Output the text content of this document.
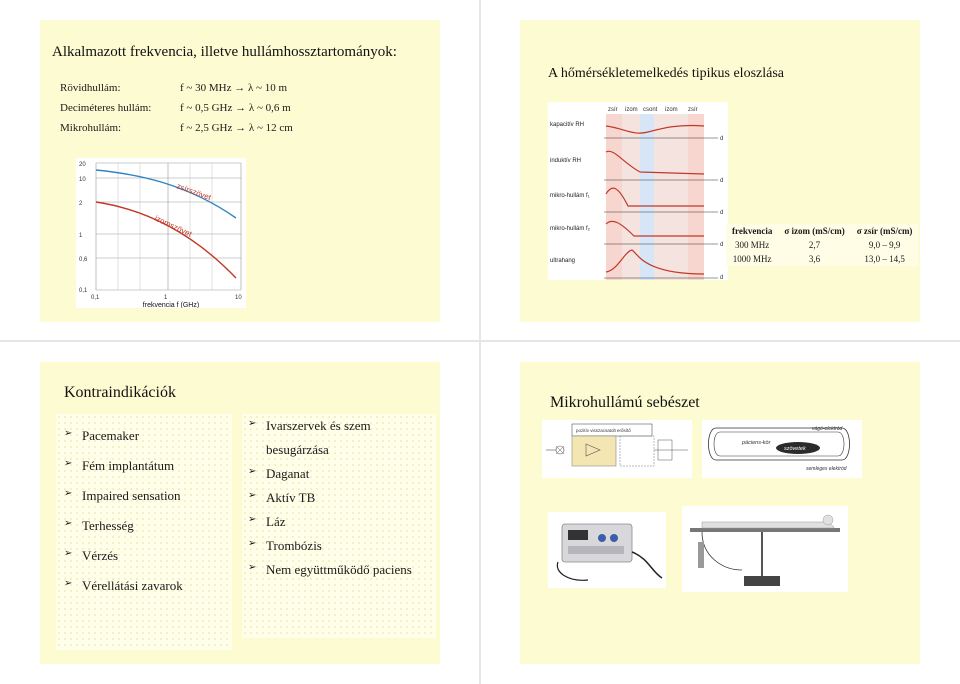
Alkalmazott frekvencia, illetve hullámhossztartományok:
Rövidhullám:	f ~ 30 MHz → λ ~ 10 m
Deciméteres hullám:	f ~ 0,5 GHz → λ ~ 0,6 m
Mikrohullám:	f ~ 2,5 GHz → λ ~ 12 cm
zsírszövet
izomszövet
20
10
2
1
0,6
0,1
0,1	1	10
frekvencia f (GHz)
A hőmérsékletemelkedés tipikus eloszlása
zsír izom csont izom zsír
kapacitív RH
induktív RH
mikro-hullám f₁
mikro-hullám f₂
ultrahang
d
d
d
d
d
frekvencia	σ izom (mS/cm)	σ zsír (mS/cm)
300 MHz	2,7	9,0 – 9,9
1000 MHz	3,6	13,0 – 14,5
Kontraindikációk
➢ Pacemaker
➢ Fém implantátum
➢ Impaired sensation
➢ Terhesség
➢ Vérzés
➢ Vérellátási zavarok
➢ Ivarszervek és szem
besugárzása
➢ Daganat
➢ Aktív TB
➢ Láz
➢ Trombózis
➢ Nem együttműködő paciens
Mikrohullámú sebészet
pozitív visszacsatolt erősítő
szövetek
páciens-kör
vágó-elektród
semleges elektród
